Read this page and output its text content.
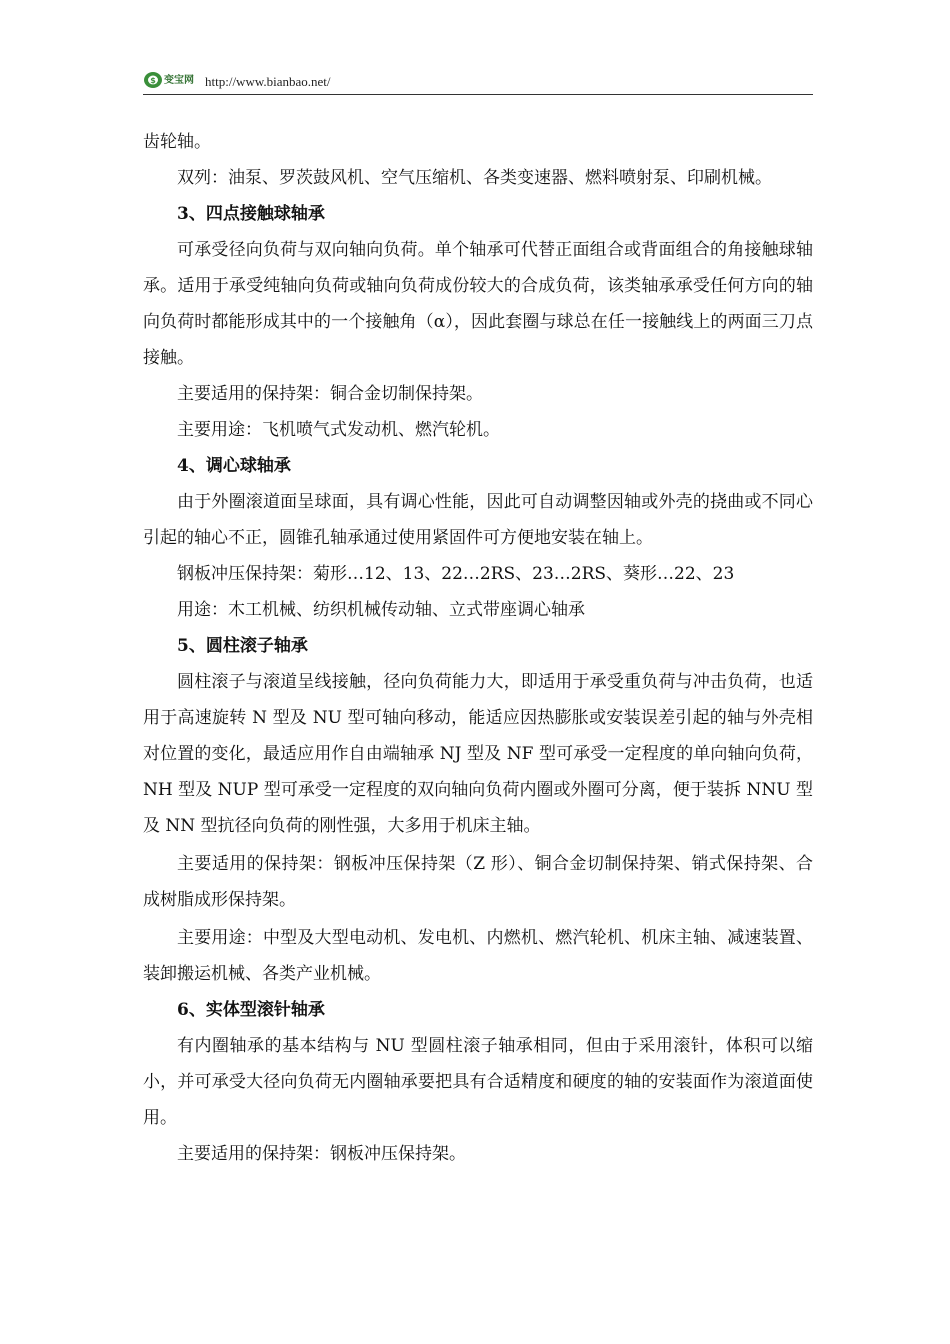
$ 变宝网 http://www.bianbao.net/

齿轮轴。

双列：油泵、罗茨鼓风机、空气压缩机、各类变速器、燃料喷射泵、印刷机械。

3、四点接触球轴承

可承受径向负荷与双向轴向负荷。单个轴承可代替正面组合或背面组合的角接触球轴承。适用于承受纯轴向负荷或轴向负荷成份较大的合成负荷，该类轴承承受任何方向的轴向负荷时都能形成其中的一个接触角（α），因此套圈与球总在任一接触线上的两面三刀点接触。

主要适用的保持架：铜合金切制保持架。

主要用途：飞机喷气式发动机、燃汽轮机。

4、调心球轴承

由于外圈滚道面呈球面，具有调心性能，因此可自动调整因轴或外壳的挠曲或不同心引起的轴心不正，圆锥孔轴承通过使用紧固件可方便地安装在轴上。

钢板冲压保持架：菊形…12、13、22…2RS、23…2RS、葵形…22、23

用途：木工机械、纺织机械传动轴、立式带座调心轴承

5、圆柱滚子轴承

圆柱滚子与滚道呈线接触，径向负荷能力大，即适用于承受重负荷与冲击负荷，也适用于高速旋转 N 型及 NU 型可轴向移动，能适应因热膨胀或安装误差引起的轴与外壳相对位置的变化，最适应用作自由端轴承 NJ 型及 NF 型可承受一定程度的单向轴向负荷，NH 型及 NUP 型可承受一定程度的双向轴向负荷内圈或外圈可分离，便于装拆 NNU 型及 NN 型抗径向负荷的刚性强，大多用于机床主轴。

主要适用的保持架：钢板冲压保持架（Z 形）、铜合金切制保持架、销式保持架、合成树脂成形保持架。

主要用途：中型及大型电动机、发电机、内燃机、燃汽轮机、机床主轴、减速装置、装卸搬运机械、各类产业机械。

6、实体型滚针轴承

有内圈轴承的基本结构与 NU 型圆柱滚子轴承相同，但由于采用滚针，体积可以缩小，并可承受大径向负荷无内圈轴承要把具有合适精度和硬度的轴的安装面作为滚道面使用。

主要适用的保持架：钢板冲压保持架。
